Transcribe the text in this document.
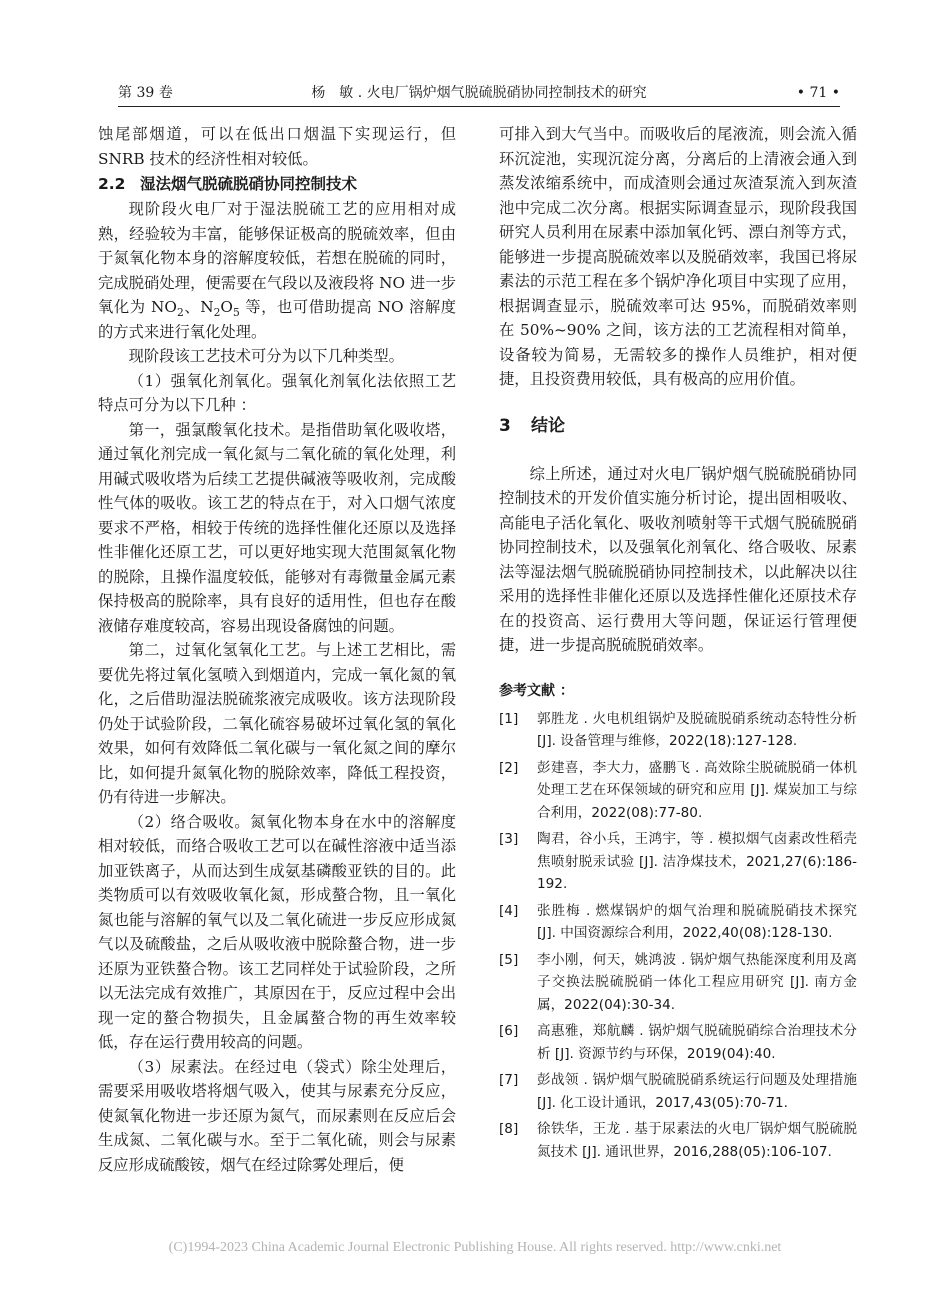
第 39 卷	杨　敏 . 火电厂锅炉烟气脱硫脱硝协同控制技术的研究	• 71 •

蚀尾部烟道，可以在低出口烟温下实现运行，但SNRB 技术的经济性相对较低。

2.2 湿法烟气脱硫脱硝协同控制技术

现阶段火电厂对于湿法脱硫工艺的应用相对成熟，经验较为丰富，能够保证极高的脱硫效率，但由于氮氧化物本身的溶解度较低，若想在脱硫的同时，完成脱硝处理，便需要在气段以及液段将 NO 进一步氧化为 $NO_2$、$N_2O_5$ 等，也可借助提高 NO 溶解度的方式来进行氧化处理。

现阶段该工艺技术可分为以下几种类型。

（1）强氧化剂氧化。强氧化剂氧化法依照工艺特点可分为以下几种 ：

第一，强氯酸氧化技术。是指借助氧化吸收塔，通过氧化剂完成一氧化氮与二氧化硫的氧化处理，利用碱式吸收塔为后续工艺提供碱液等吸收剂，完成酸性气体的吸收。该工艺的特点在于，对入口烟气浓度要求不严格，相较于传统的选择性催化还原以及选择性非催化还原工艺，可以更好地实现大范围氮氧化物的脱除，且操作温度较低，能够对有毒微量金属元素保持极高的脱除率，具有良好的适用性，但也存在酸液储存难度较高，容易出现设备腐蚀的问题。

第二，过氧化氢氧化工艺。与上述工艺相比，需要优先将过氧化氢喷入到烟道内，完成一氧化氮的氧化，之后借助湿法脱硫浆液完成吸收。该方法现阶段仍处于试验阶段，二氧化硫容易破坏过氧化氢的氧化效果，如何有效降低二氧化碳与一氧化氮之间的摩尔比，如何提升氮氧化物的脱除效率，降低工程投资，仍有待进一步解决。

（2）络合吸收。氮氧化物本身在水中的溶解度相对较低，而络合吸收工艺可以在碱性溶液中适当添加亚铁离子，从而达到生成氨基磷酸亚铁的目的。此类物质可以有效吸收氧化氮，形成螯合物，且一氧化氮也能与溶解的氧气以及二氧化硫进一步反应形成氮气以及硫酸盐，之后从吸收液中脱除螯合物，进一步还原为亚铁螯合物。该工艺同样处于试验阶段，之所以无法完成有效推广，其原因在于，反应过程中会出现一定的螯合物损失，且金属螯合物的再生效率较低，存在运行费用较高的问题。

（3）尿素法。在经过电（袋式）除尘处理后，需要采用吸收塔将烟气吸入，使其与尿素充分反应，使氮氧化物进一步还原为氮气，而尿素则在反应后会生成氮、二氧化碳与水。至于二氧化硫，则会与尿素反应形成硫酸铵，烟气在经过除雾处理后，便

可排入到大气当中。而吸收后的尾液流，则会流入循环沉淀池，实现沉淀分离，分离后的上清液会通入到蒸发浓缩系统中，而成渣则会通过灰渣泵流入到灰渣池中完成二次分离。根据实际调查显示，现阶段我国研究人员利用在尿素中添加氧化钙、漂白剂等方式，能够进一步提高脱硫效率以及脱硝效率，我国已将尿素法的示范工程在多个锅炉净化项目中实现了应用，根据调查显示，脱硫效率可达 95%，而脱硝效率则在 50%~90% 之间，该方法的工艺流程相对简单，设备较为简易，无需较多的操作人员维护，相对便捷，且投资费用较低，具有极高的应用价值。

3 结论

综上所述，通过对火电厂锅炉烟气脱硫脱硝协同控制技术的开发价值实施分析讨论，提出固相吸收、高能电子活化氧化、吸收剂喷射等干式烟气脱硫脱硝协同控制技术，以及强氧化剂氧化、络合吸收、尿素法等湿法烟气脱硫脱硝协同控制技术，以此解决以往采用的选择性非催化还原以及选择性催化还原技术存在的投资高、运行费用大等问题，保证运行管理便捷，进一步提高脱硫脱硝效率。

参考文献 ：
[1] 郭胜龙 . 火电机组锅炉及脱硫脱硝系统动态特性分析 [J]. 设备管理与维修，2022(18):127-128.
[2] 彭建喜，李大力，盛鹏飞 . 高效除尘脱硫脱硝一体机处理工艺在环保领域的研究和应用 [J]. 煤炭加工与综合利用，2022(08):77-80.
[3] 陶君，谷小兵，王鸿宇，等 . 模拟烟气卤素改性稻壳焦喷射脱汞试验 [J]. 洁净煤技术，2021,27(6):186-192.
[4] 张胜梅 . 燃煤锅炉的烟气治理和脱硫脱硝技术探究 [J]. 中国资源综合利用，2022,40(08):128-130.
[5] 李小刚，何天，姚鸿波 . 锅炉烟气热能深度利用及离子交换法脱硫脱硝一体化工程应用研究 [J]. 南方金属，2022(04):30-34.
[6] 高惠雅，郑航麟 . 锅炉烟气脱硫脱硝综合治理技术分析 [J]. 资源节约与环保，2019(04):40.
[7] 彭战领 . 锅炉烟气脱硫脱硝系统运行问题及处理措施 [J]. 化工设计通讯，2017,43(05):70-71.
[8] 徐铁华，王龙 . 基于尿素法的火电厂锅炉烟气脱硫脱氮技术 [J]. 通讯世界，2016,288(05):106-107.
(C)1994-2023 China Academic Journal Electronic Publishing House. All rights reserved. http://www.cnki.net
